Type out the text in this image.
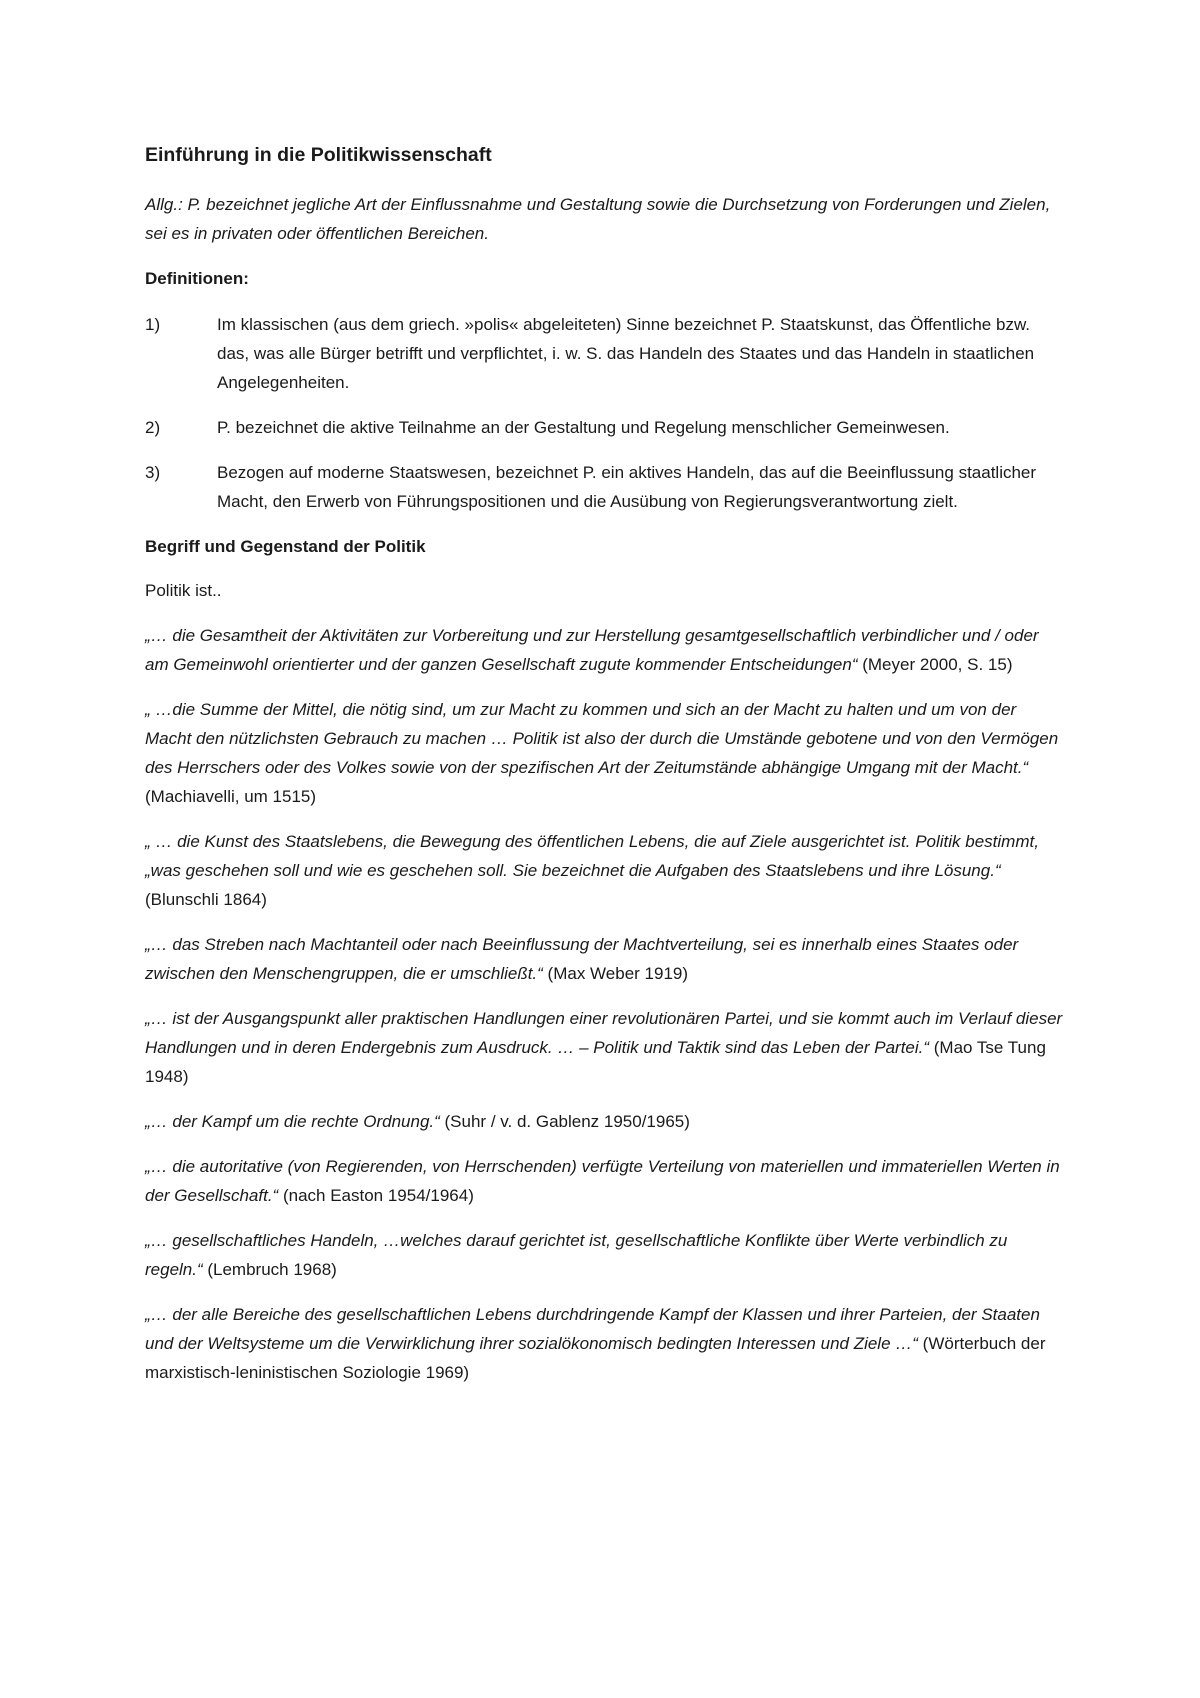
Einführung in die Politikwissenschaft

Allg.: P. bezeichnet jegliche Art der Einflussnahme und Gestaltung sowie die Durchsetzung von Forderungen und Zielen, sei es in privaten oder öffentlichen Bereichen.

Definitionen:

1)	Im klassischen (aus dem griech. »polis« abgeleiteten) Sinne bezeichnet P. Staatskunst, das Öffentliche bzw. das, was alle Bürger betrifft und verpflichtet, i. w. S. das Handeln des Staates und das Handeln in staatlichen Angelegenheiten.
2)	P. bezeichnet die aktive Teilnahme an der Gestaltung und Regelung menschlicher Gemeinwesen.
3)	Bezogen auf moderne Staatswesen, bezeichnet P. ein aktives Handeln, das auf die Beeinflussung staatlicher Macht, den Erwerb von Führungspositionen und die Ausübung von Regierungsverantwortung zielt.

Begriff und Gegenstand der Politik

Politik ist..

„… die Gesamtheit der Aktivitäten zur Vorbereitung und zur Herstellung gesamtgesellschaftlich verbindlicher und / oder am Gemeinwohl orientierter und der ganzen Gesellschaft zugute kommender Entscheidungen“ (Meyer 2000, S. 15)

„ …die Summe der Mittel, die nötig sind, um zur Macht zu kommen und sich an der Macht zu halten und um von der Macht den nützlichsten Gebrauch zu machen … Politik ist also der durch die Umstände gebotene und von den Vermögen des Herrschers oder des Volkes sowie von der spezifischen Art der Zeitumstände abhängige Umgang mit der Macht.“ (Machiavelli, um 1515)

„ … die Kunst des Staatslebens, die Bewegung des öffentlichen Lebens, die auf Ziele ausgerichtet ist. Politik bestimmt, „was geschehen soll und wie es geschehen soll. Sie bezeichnet die Aufgaben des Staatslebens und ihre Lösung.“ (Blunschli 1864)

„… das Streben nach Machtanteil oder nach Beeinflussung der Machtverteilung, sei es innerhalb eines Staates oder zwischen den Menschengruppen, die er umschließt.“ (Max Weber 1919)

„… ist der Ausgangspunkt aller praktischen Handlungen einer revolutionären Partei, und sie kommt auch im Verlauf dieser Handlungen und in deren Endergebnis zum Ausdruck. … – Politik und Taktik sind das Leben der Partei.“ (Mao Tse Tung 1948)

„… der Kampf um die rechte Ordnung.“ (Suhr / v. d. Gablenz 1950/1965)

„… die autoritative (von Regierenden, von Herrschenden) verfügte Verteilung von materiellen und immateriellen Werten in der Gesellschaft.“ (nach Easton 1954/1964)

„… gesellschaftliches Handeln, …welches darauf gerichtet ist, gesellschaftliche Konflikte über Werte verbindlich zu regeln.“ (Lembruch 1968)

„… der alle Bereiche des gesellschaftlichen Lebens durchdringende Kampf der Klassen und ihrer Parteien, der Staaten und der Weltsysteme um die Verwirklichung ihrer sozialökonomisch bedingten Interessen und Ziele …“ (Wörterbuch der marxistisch-leninistischen Soziologie 1969)
